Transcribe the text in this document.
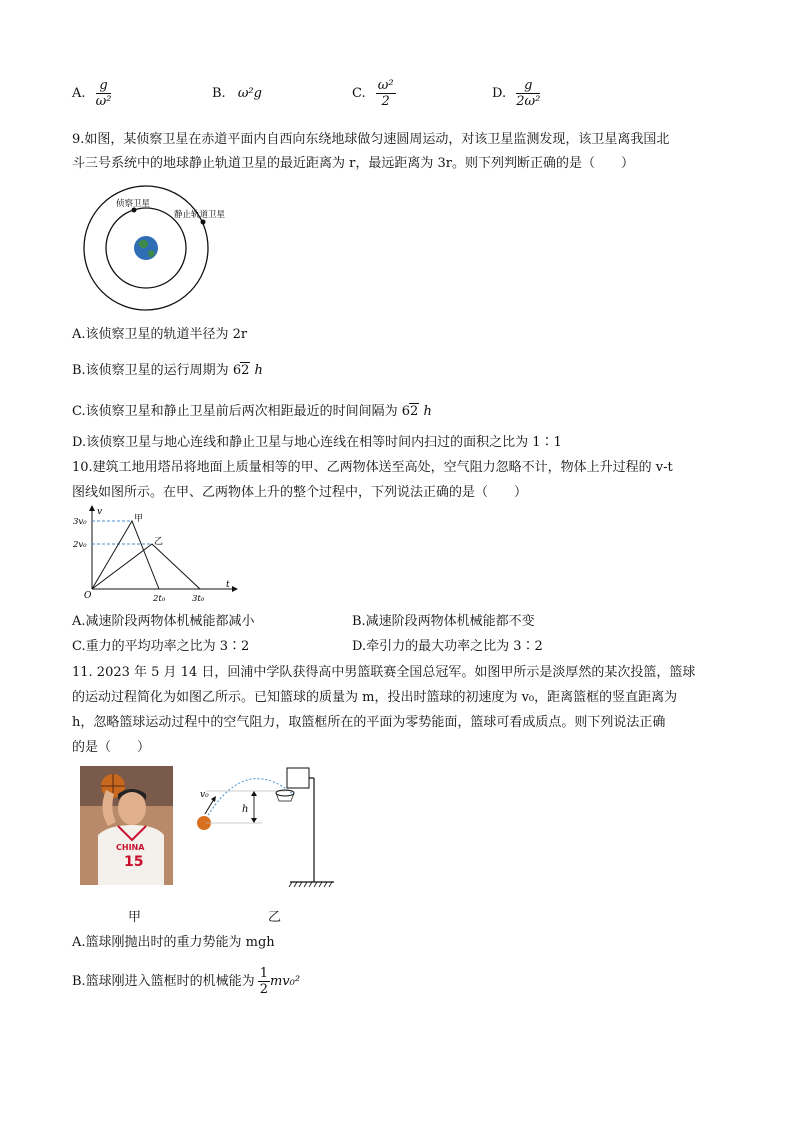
A. $\frac{g}{\text{ω²}}$	B. ω²g	C. $\frac{\text{ω²}}{2}$	D. $\frac{g}{\text{2ω²}}$
9.如图，某侦察卫星在赤道平面内自西向东绕地球做匀速圆周运动，对该卫星监测发现，该卫星离我国北
斗三号系统中的地球静止轨道卫星的最近距离为 r，最远距离为 3r。则下列判断正确的是（　　）
侦察卫星
静止轨道卫星
A.该侦察卫星的轨道半径为 2r
B.该侦察卫星的运行周期为 62 h
C.该侦察卫星和静止卫星前后两次相距最近的时间间隔为 62 h
D.该侦察卫星与地心连线和静止卫星与地心连线在相等时间内扫过的面积之比为 1∶1
10.建筑工地用塔吊将地面上质量相等的甲、乙两物体送至高处，空气阻力忽略不计，物体上升过程的 v-t
图线如图所示。在甲、乙两物体上升的整个过程中，下列说法正确的是（　　）
v
t
O
3v₀
2v₀
甲
乙
2t₀	3t₀
A.减速阶段两物体机械能都减小	B.减速阶段两物体机械能都不变
C.重力的平均功率之比为 3∶2	D.牵引力的最大功率之比为 3∶2
11. 2023 年 5 月 14 日，回浦中学队获得高中男篮联赛全国总冠军。如图甲所示是淡厚然的某次投篮，篮球
的运动过程简化为如图乙所示。已知篮球的质量为 m，投出时篮球的初速度为 v₀，距离篮框的竖直距离为
h，忽略篮球运动过程中的空气阻力，取篮框所在的平面为零势能面，篮球可看成质点。则下列说法正确
的是（　　）
CHINA
15
v₀
h
甲	乙
A.篮球刚抛出时的重力势能为 mgh
B.篮球刚进入篮框时的机械能为 $\frac{1}{2} mv_0^2$
